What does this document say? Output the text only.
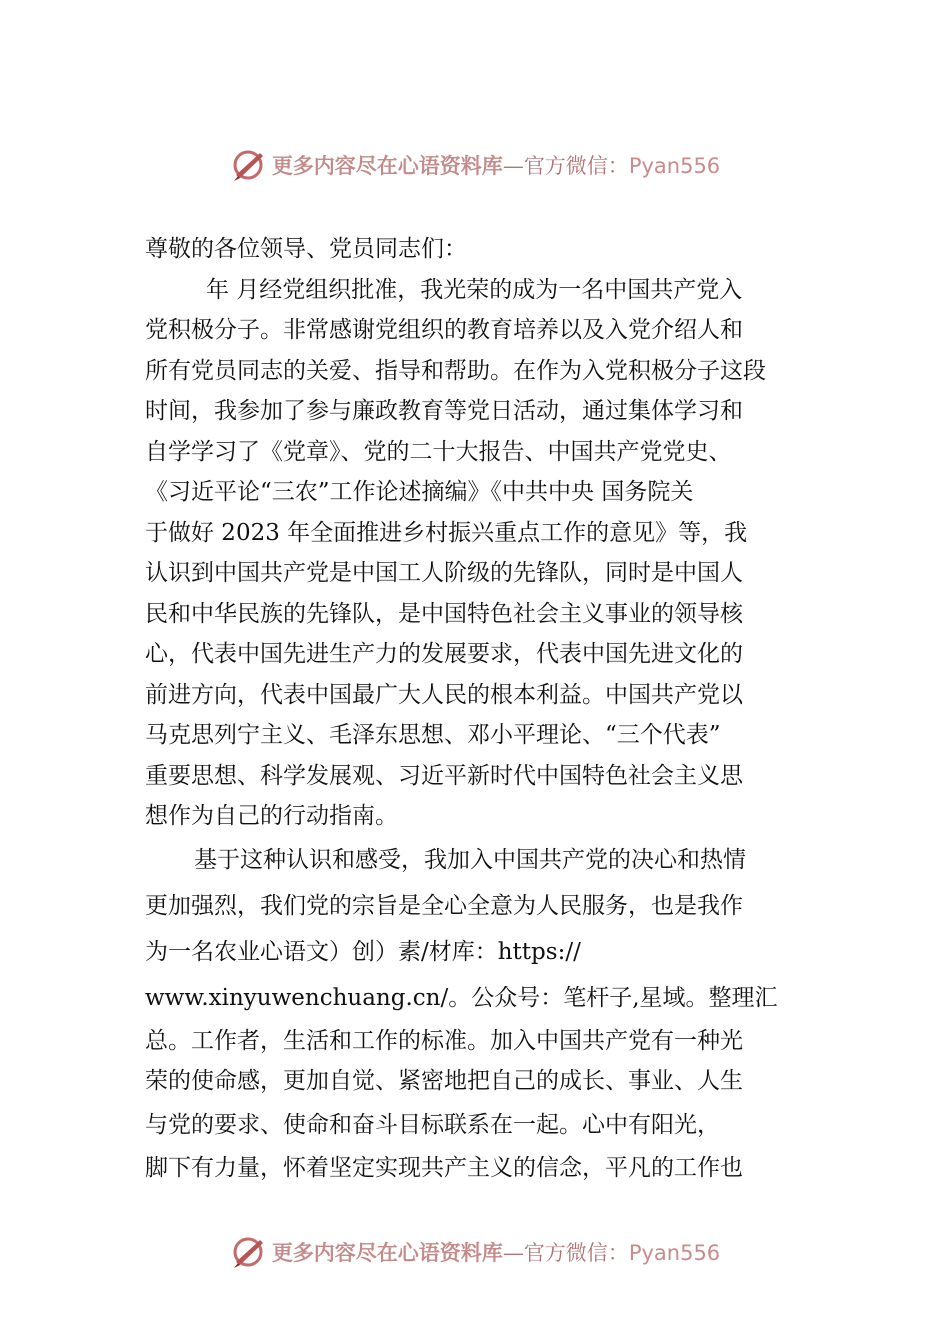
更多内容尽在心语资料库—官方微信：Pyan556
尊敬的各位领导、党员同志们：
年 月经党组织批准，我光荣的成为一名中国共产党入
党积极分子。非常感谢党组织的教育培养以及入党介绍人和
所有党员同志的关爱、指导和帮助。在作为入党积极分子这段
时间，我参加了参与廉政教育等党日活动，通过集体学习和
自学学习了《党章》、党的二十大报告、中国共产党党史、
《习近平论“三农”工作论述摘编》《中共中央 国务院关
于做好 2023 年全面推进乡村振兴重点工作的意见》等，我
认识到中国共产党是中国工人阶级的先锋队，同时是中国人
民和中华民族的先锋队，是中国特色社会主义事业的领导核
心，代表中国先进生产力的发展要求，代表中国先进文化的
前进方向，代表中国最广大人民的根本利益。中国共产党以
马克思列宁主义、毛泽东思想、邓小平理论、“三个代表”
重要思想、科学发展观、习近平新时代中国特色社会主义思
想作为自己的行动指南。
基于这种认识和感受，我加入中国共产党的决心和热情
更加强烈，我们党的宗旨是全心全意为人民服务，也是我作
为一名农业心语文）创）素/材库：https://
www.xinyuwenchuang.cn/。公众号：笔杆子,星域。整理汇
总。工作者，生活和工作的标准。加入中国共产党有一种光
荣的使命感，更加自觉、紧密地把自己的成长、事业、人生
与党的要求、使命和奋斗目标联系在一起。心中有阳光，
脚下有力量，怀着坚定实现共产主义的信念，平凡的工作也
更多内容尽在心语资料库—官方微信：Pyan556
